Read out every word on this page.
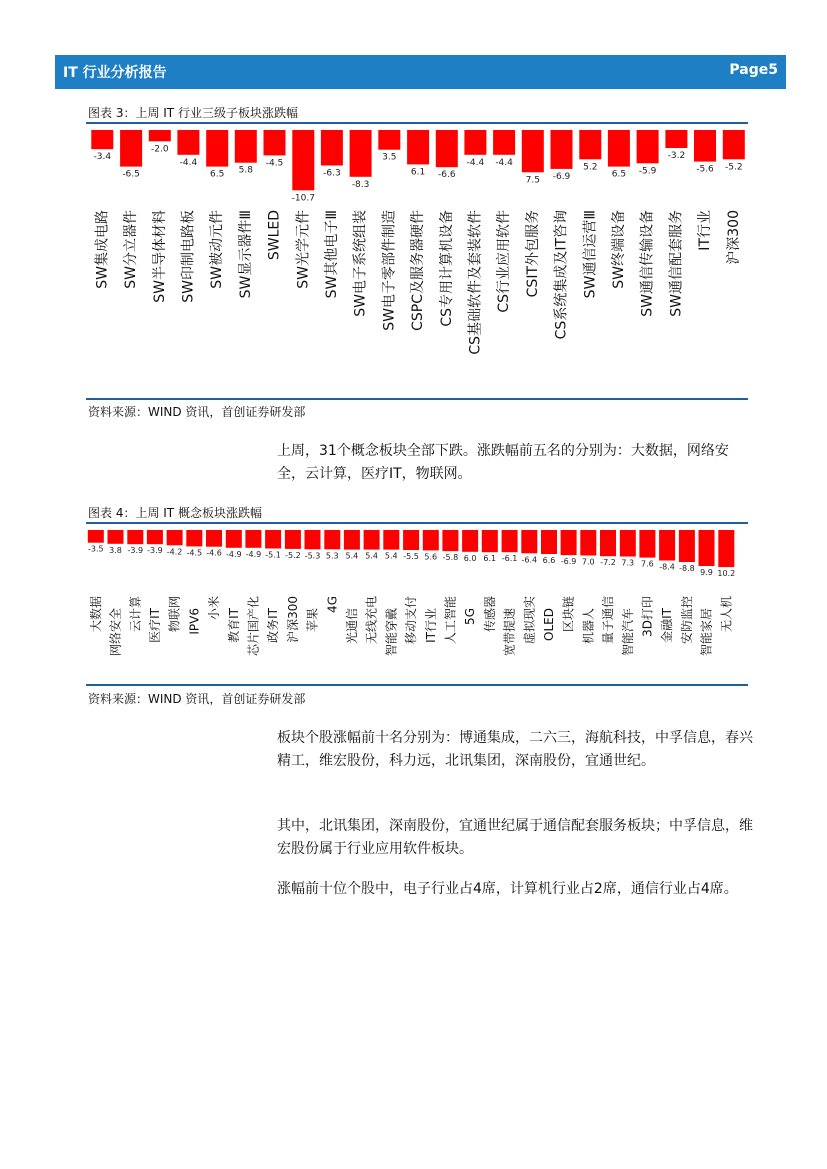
IT 行业分析报告	Page5
图表 3：上周 IT 行业三级子板块涨跌幅
-3.4
SW集成电路
-6.5
SW分立器件
-2.0
SW半导体材料
-4.4
SW印制电路板
6.5
SW被动元件
5.8
SW显示器件Ⅲ
-4.5
SWLED
-10.7
SW光学元件
-6.3
SW其他电子Ⅲ
-8.3
SW电子系统组装
3.5
SW电子零部件制造
6.1
CSPC及服务器硬件
-6.6
CS专用计算机设备
-4.4
CS基础软件及套装软件
-4.4
CS行业应用软件
7.5
CSIT外包服务
-6.9
CS系统集成及IT咨询
5.2
SW通信运营Ⅲ
6.5
SW终端设备
-5.9
SW通信传输设备
-3.2
SW通信配套服务
-5.6
IT行业
-5.2
沪深300
资料来源：WIND 资讯，首创证券研发部
上周，31个概念板块全部下跌。涨跌幅前五名的分别为：大数据，网络安全，云计算，医疗IT，物联网。
图表 4：上周 IT 概念板块涨跌幅
-3.5
大数据
3.8
网络安全
-3.9
云计算
-3.9
医疗IT
-4.2
物联网
-4.5
IPV6
-4.6
小米
-4.9
教育IT
-4.9
芯片国产化
-5.1
政务IT
-5.2
沪深300
-5.3
苹果
5.3
4G
5.4
光通信
5.4
无线充电
5.4
智能穿戴
-5.5
移动支付
5.6
IT行业
-5.8
人工智能
6.0
5G
6.1
传感器
-6.1
宽带提速
-6.4
虚拟现实
6.6
OLED
-6.9
区块链
7.0
机器人
-7.2
量子通信
7.3
智能汽车
7.6
3D打印
-8.4
金融IT
-8.8
安防监控
9.9
智能家居
10.2
无人机
资料来源：WIND 资讯，首创证券研发部
板块个股涨幅前十名分别为：博通集成，二六三，海航科技，中孚信息，春兴精工，维宏股份，科力远，北讯集团，深南股份，宜通世纪。
其中，北讯集团，深南股份，宜通世纪属于通信配套服务板块；中孚信息，维宏股份属于行业应用软件板块。
涨幅前十位个股中，电子行业占4席，计算机行业占2席，通信行业占4席。
